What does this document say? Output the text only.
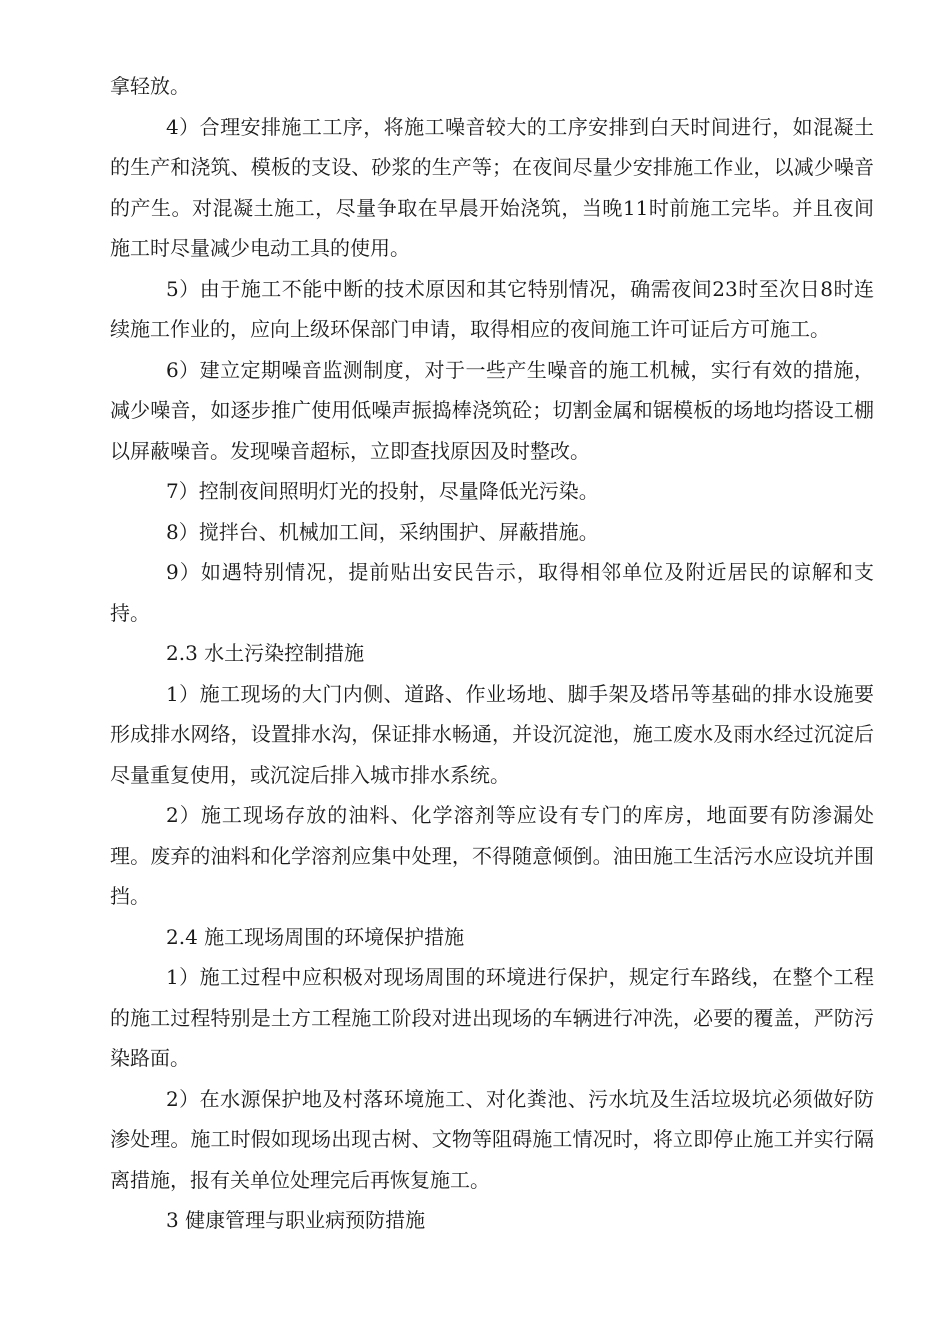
拿轻放。

4）合理安排施工工序，将施工噪音较大的工序安排到白天时间进行，如混凝土的生产和浇筑、模板的支设、砂浆的生产等；在夜间尽量少安排施工作业，以减少噪音的产生。对混凝土施工，尽量争取在早晨开始浇筑，当晚11时前施工完毕。并且夜间施工时尽量减少电动工具的使用。

5）由于施工不能中断的技术原因和其它特别情况，确需夜间23时至次日8时连续施工作业的，应向上级环保部门申请，取得相应的夜间施工许可证后方可施工。

6）建立定期噪音监测制度，对于一些产生噪音的施工机械，实行有效的措施，减少噪音，如逐步推广使用低噪声振捣棒浇筑砼；切割金属和锯模板的场地均搭设工棚以屏蔽噪音。发现噪音超标，立即查找原因及时整改。

7）控制夜间照明灯光的投射，尽量降低光污染。

8）搅拌台、机械加工间，采纳围护、屏蔽措施。

9）如遇特别情况，提前贴出安民告示，取得相邻单位及附近居民的谅解和支持。

2.3 水土污染控制措施

1）施工现场的大门内侧、道路、作业场地、脚手架及塔吊等基础的排水设施要形成排水网络，设置排水沟，保证排水畅通，并设沉淀池，施工废水及雨水经过沉淀后尽量重复使用，或沉淀后排入城市排水系统。

2）施工现场存放的油料、化学溶剂等应设有专门的库房，地面要有防渗漏处理。废弃的油料和化学溶剂应集中处理，不得随意倾倒。油田施工生活污水应设坑并围挡。

2.4 施工现场周围的环境保护措施

1）施工过程中应积极对现场周围的环境进行保护，规定行车路线，在整个工程的施工过程特别是土方工程施工阶段对进出现场的车辆进行冲洗，必要的覆盖，严防污染路面。

2）在水源保护地及村落环境施工、对化粪池、污水坑及生活垃圾坑必须做好防渗处理。施工时假如现场出现古树、文物等阻碍施工情况时，将立即停止施工并实行隔离措施，报有关单位处理完后再恢复施工。

3 健康管理与职业病预防措施
